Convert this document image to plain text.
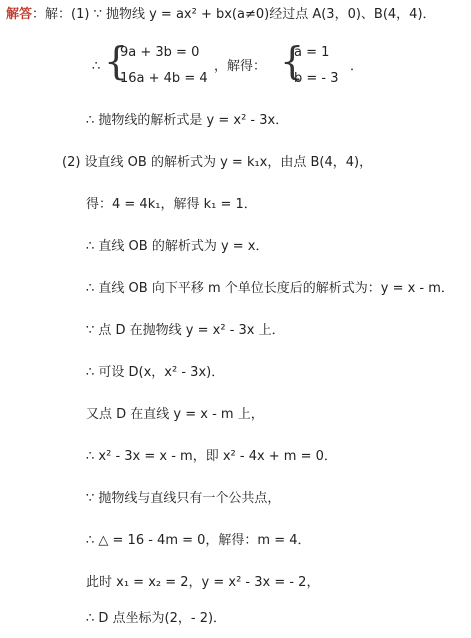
解答：解：(1) ∵ 抛物线 y = ax² + bx(a≠0)经过点 A(3，0)、B(4，4)．
∴ {
9a + 3b = 0
16a + 4b = 4
，解得： {
a = 1
b = - 3
．
∴ 抛物线的解析式是 y = x² - 3x．
(2) 设直线 OB 的解析式为 y = k₁x，由点 B(4，4)，
得：4 = 4k₁，解得 k₁ = 1．
∴ 直线 OB 的解析式为 y = x．
∴ 直线 OB 向下平移 m 个单位长度后的解析式为：y = x - m．
∵ 点 D 在抛物线 y = x² - 3x 上．
∴ 可设 D(x，x² - 3x)．
又点 D 在直线 y = x - m 上，
∴ x² - 3x = x - m，即 x² - 4x + m = 0．
∵ 抛物线与直线只有一个公共点，
∴ △ = 16 - 4m = 0，解得：m = 4．
此时 x₁ = x₂ = 2，y = x² - 3x = - 2，
∴ D 点坐标为(2，- 2)．
